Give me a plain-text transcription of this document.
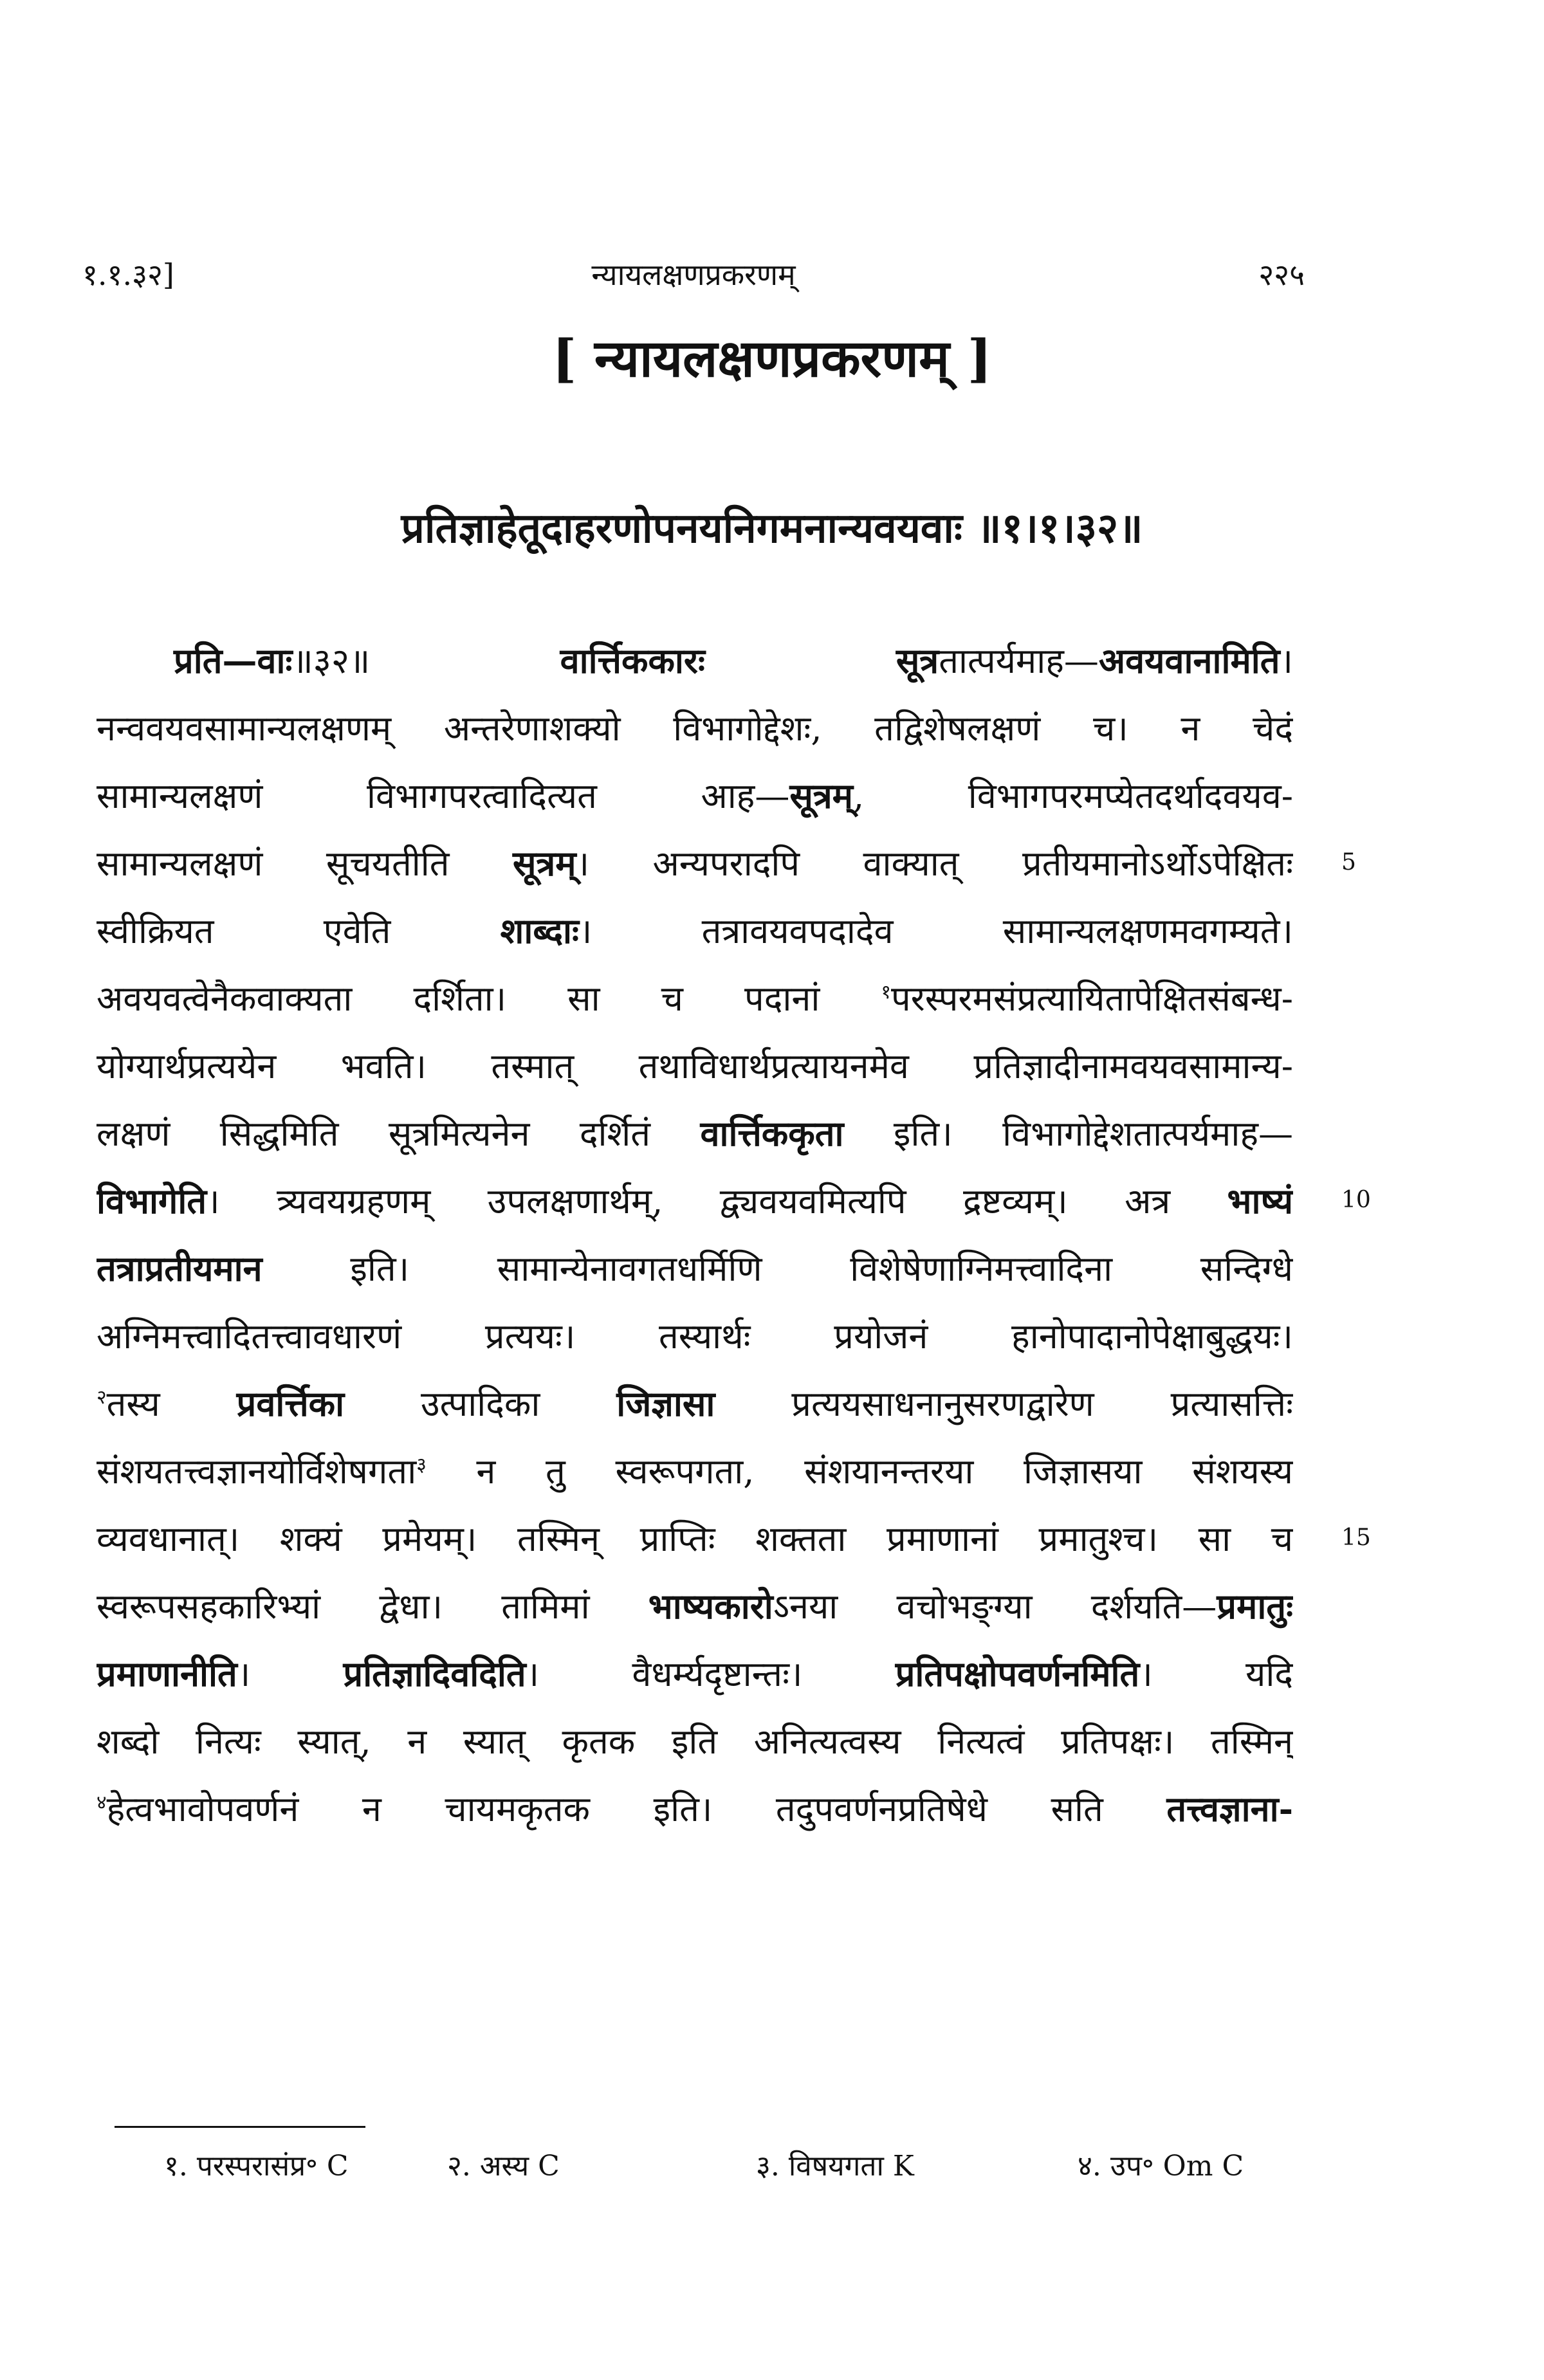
१.१.३२]	न्यायलक्षणप्रकरणम्	२२५
[ न्यायलक्षणप्रकरणम् ]
प्रतिज्ञाहेतूदाहरणोपनयनिगमनान्यवयवाः ॥१।१।३२॥
प्रति—वाः॥३२॥ वार्त्तिककारः सूत्रतात्पर्यमाह—अवयवानामिति।
नन्ववयवसामान्यलक्षणम् अन्तरेणाशक्यो विभागोद्देशः, तद्विशेषलक्षणं च। न चेदं
सामान्यलक्षणं विभागपरत्वादित्यत आह—सूत्रम्, विभागपरमप्येतदर्थादवयव-
सामान्यलक्षणं सूचयतीति सूत्रम्। अन्यपरादपि वाक्यात् प्रतीयमानोऽर्थोऽपेक्षितः
स्वीक्रियत एवेति शाब्दाः। तत्रावयवपदादेव सामान्यलक्षणमवगम्यते।
अवयवत्वेनैकवाक्यता दर्शिता। सा च पदानां $^१$परस्परमसंप्रत्यायितापेक्षितसंबन्ध-
योग्यार्थप्रत्ययेन भवति। तस्मात् तथाविधार्थप्रत्यायनमेव प्रतिज्ञादीनामवयवसामान्य-
लक्षणं सिद्धमिति सूत्रमित्यनेन दर्शितं वार्त्तिककृता इति। विभागोद्देशतात्पर्यमाह—
विभागेति। त्र्यवयग्रहणम् उपलक्षणार्थम्, द्व्यवयवमित्यपि द्रष्टव्यम्। अत्र भाष्यं
तत्राप्रतीयमान इति। सामान्येनावगतधर्मिणि विशेषेणाग्निमत्त्वादिना सन्दिग्धे
अग्निमत्त्वादितत्त्वावधारणं प्रत्ययः। तस्यार्थः प्रयोजनं हानोपादानोपेक्षाबुद्धयः।
$^२$तस्य प्रवर्त्तिका उत्पादिका जिज्ञासा प्रत्ययसाधनानुसरणद्वारेण प्रत्यासत्तिः
संशयतत्त्वज्ञानयोर्विशेषगता$^३$ न तु स्वरूपगता, संशयानन्तरया जिज्ञासया संशयस्य
व्यवधानात्। शक्यं प्रमेयम्। तस्मिन् प्राप्तिः शक्तता प्रमाणानां प्रमातुश्च। सा च
स्वरूपसहकारिभ्यां द्वेधा। तामिमां भाष्यकारोऽनया वचोभङ्ग्या दर्शयति—प्रमातुः
प्रमाणानीति। प्रतिज्ञादिवदिति। वैधर्म्यदृष्टान्तः। प्रतिपक्षोपवर्णनमिति। यदि
शब्दो नित्यः स्यात्, न स्यात् कृतक इति अनित्यत्वस्य नित्यत्वं प्रतिपक्षः। तस्मिन्
$^४$हेत्वभावोपवर्णनं न चायमकृतक इति। तदुपवर्णनप्रतिषेधे सति तत्त्वज्ञाना-
5
10
15
१. परस्परासंप्र॰ C	२. अस्य C	३. विषयगता K	४. उप॰ Om C
